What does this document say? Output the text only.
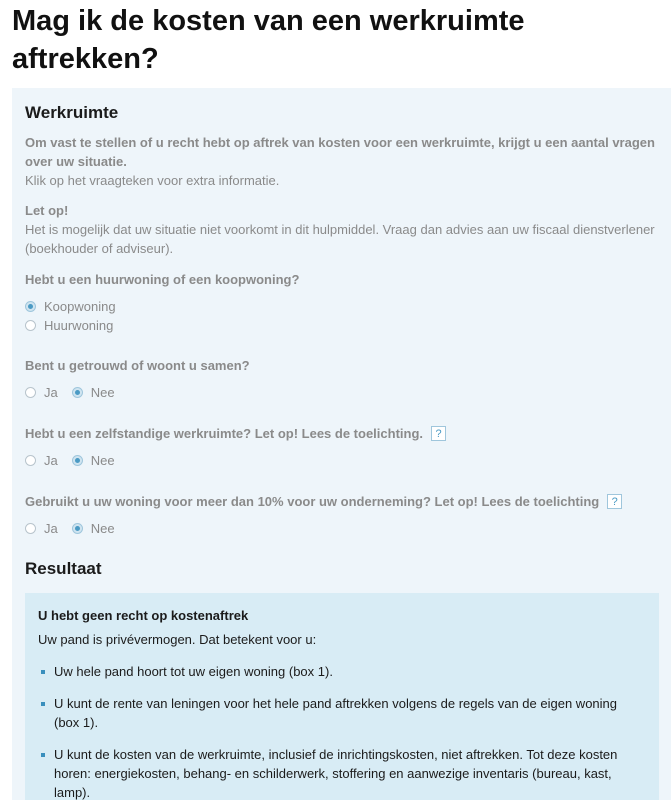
Mag ik de kosten van een werkruimte aftrekken?
Werkruimte
Om vast te stellen of u recht hebt op aftrek van kosten voor een werkruimte, krijgt u een aantal vragen over uw situatie.
Klik op het vraagteken voor extra informatie.
Let op!
Het is mogelijk dat uw situatie niet voorkomt in dit hulpmiddel. Vraag dan advies aan uw fiscaal dienstverlener (boekhouder of adviseur).
Hebt u een huurwoning of een koopwoning?
Koopwoning
Huurwoning
Bent u getrouwd of woont u samen?
Ja	Nee
Hebt u een zelfstandige werkruimte? Let op! Lees de toelichting.	?
Ja	Nee
Gebruikt u uw woning voor meer dan 10% voor uw onderneming? Let op! Lees de toelichting	?
Ja	Nee
Resultaat
U hebt geen recht op kostenaftrek
Uw pand is privévermogen. Dat betekent voor u:
Uw hele pand hoort tot uw eigen woning (box 1).
U kunt de rente van leningen voor het hele pand aftrekken volgens de regels van de eigen woning (box 1).
U kunt de kosten van de werkruimte, inclusief de inrichtingskosten, niet aftrekken. Tot deze kosten horen: energiekosten, behang- en schilderwerk, stoffering en aanwezige inventaris (bureau, kast, lamp).
